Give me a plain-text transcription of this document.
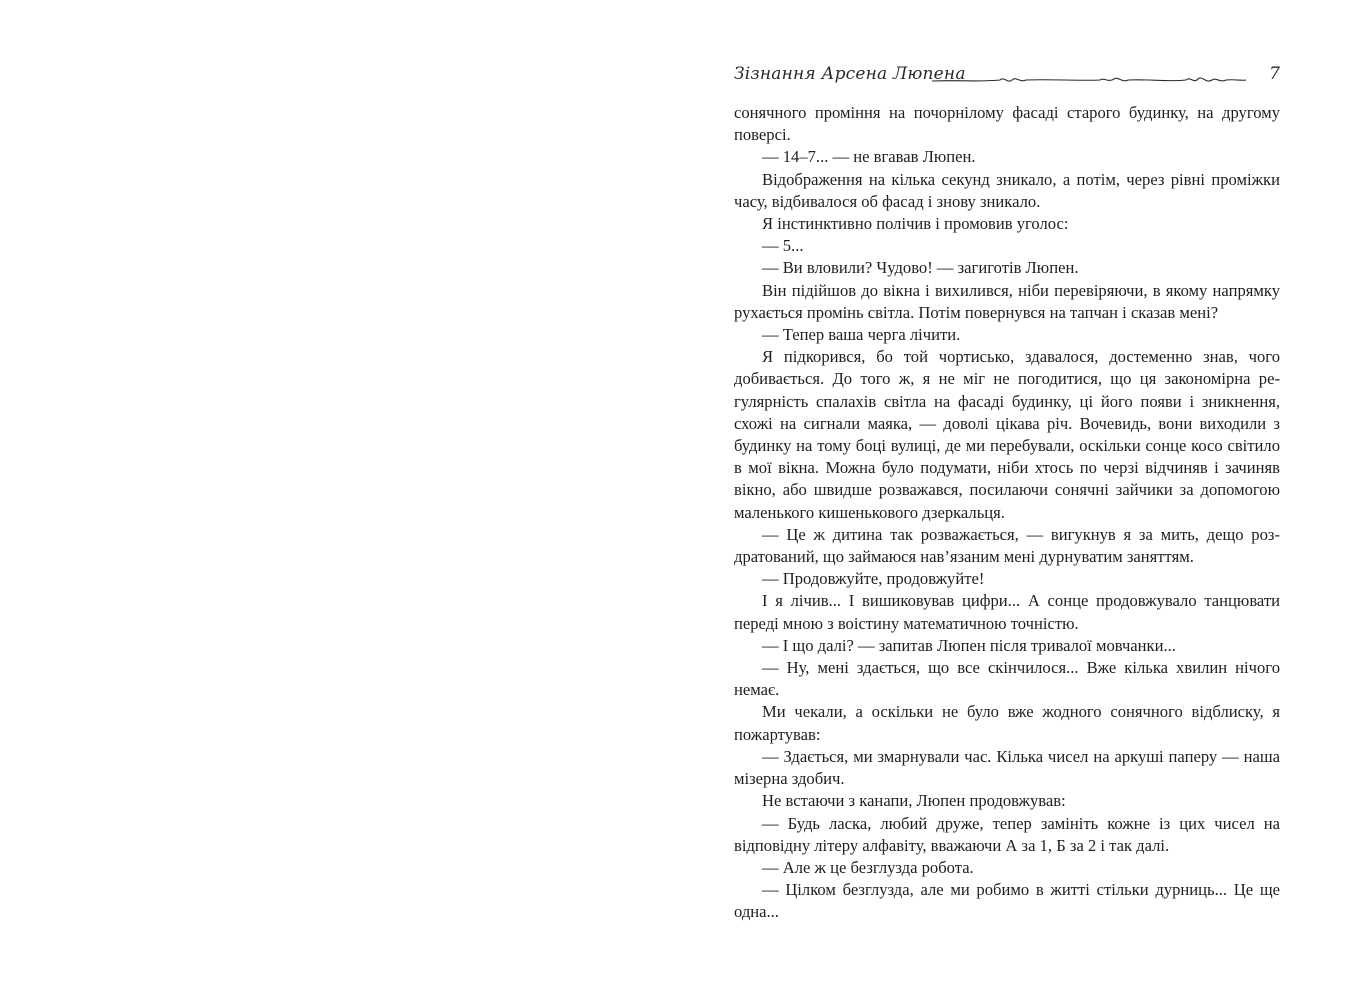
Зізнання Арсена Люпена	7

сонячного проміння на почорнілому фасаді старого будинку, на другому поверсі.

— 14–7... — не вгавав Люпен.

Відображення на кілька секунд зникало, а потім, через рівні проміжки часу, відбивалося об фасад і знову зникало.

Я інстинктивно полічив і промовив уголос:

— 5...

— Ви вловили? Чудово! — загиготів Люпен.

Він підійшов до вікна і вихилився, ніби перевіряючи, в якому напрямку рухається промінь світла. Потім повернувся на тапчан і сказав мені?

— Тепер ваша черга лічити.

Я підкорився, бо той чортисько, здавалося, достеменно знав, чого добивається. До того ж, я не міг не погодитися, що ця закономірна регулярність спалахів світла на фасаді будинку, ці його появи і зникнення, схожі на сигнали маяка, — доволі цікава річ. Вочевидь, вони виходили з будинку на тому боці вулиці, де ми перебували, оскільки сонце косо світило в мої вікна. Можна було подумати, ніби хтось по черзі відчиняв і зачиняв вікно, або швидше розважався, посилаючи сонячні зайчики за допомогою маленького кишенькового дзеркальця.

— Це ж дитина так розважається, — вигукнув я за мить, дещо роздратований, що займаюся нав’язаним мені дурнуватим заняттям.

— Продовжуйте, продовжуйте!

І я лічив... І вишиковував цифри... А сонце продовжувало танцювати переді мною з воістину математичною точністю.

— І що далі? — запитав Люпен після тривалої мовчанки...

— Ну, мені здається, що все скінчилося... Вже кілька хвилин нічого немає.

Ми чекали, а оскільки не було вже жодного сонячного відблиску, я пожартував:

— Здається, ми змарнували час. Кілька чисел на аркуші паперу — наша мізерна здобич.

Не встаючи з канапи, Люпен продовжував:

— Будь ласка, любий друже, тепер замініть кожне із цих чисел на відповідну літеру алфавіту, вважаючи А за 1, Б за 2 і так далі.

— Але ж це безглузда робота.

— Цілком безглузда, але ми робимо в житті стільки дурниць... Це ще одна...
